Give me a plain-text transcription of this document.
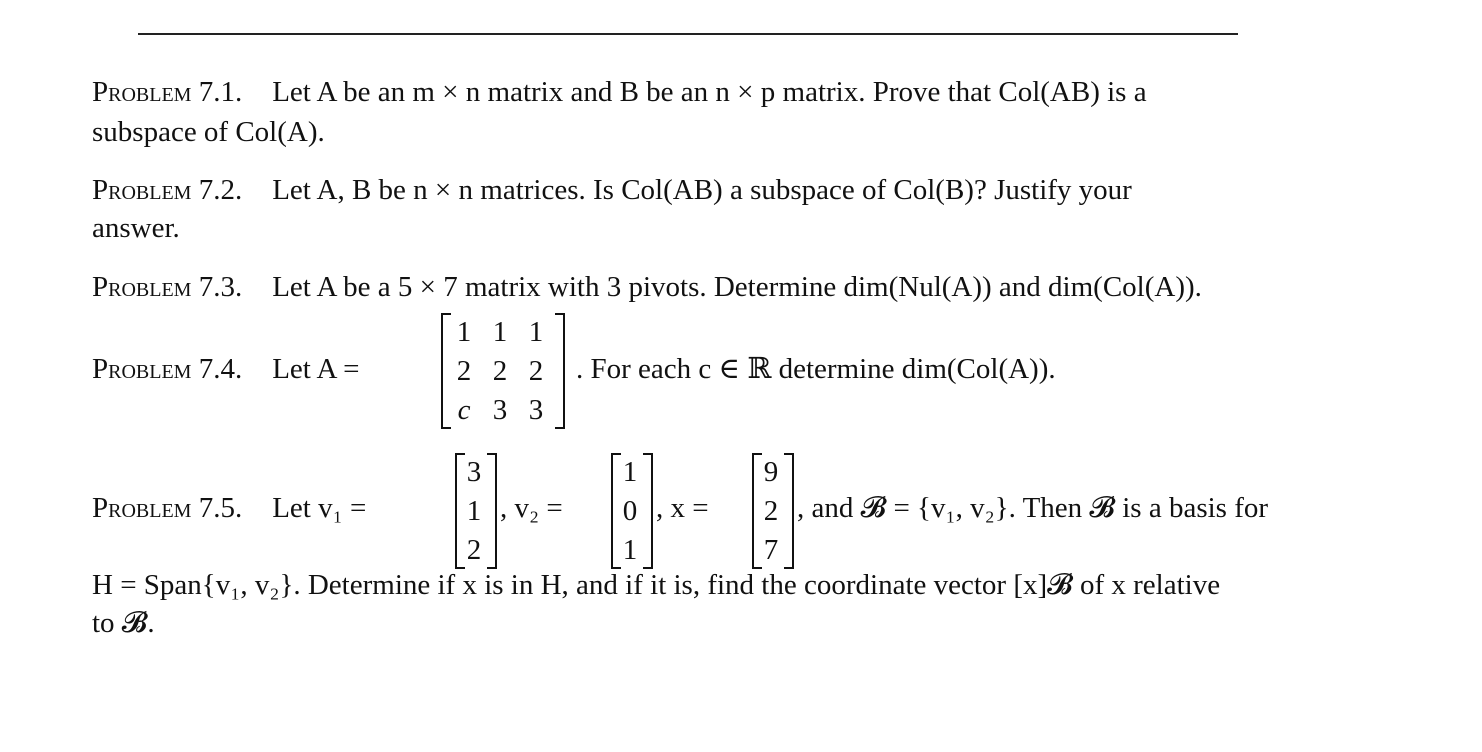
Problem 7.1. Let A be an m × n matrix and B be an n × p matrix. Prove that Col(AB) is a
subspace of Col(A).
Problem 7.2. Let A, B be n × n matrices. Is Col(AB) a subspace of Col(B)? Justify your
answer.
Problem 7.3. Let A be a 5 × 7 matrix with 3 pivots. Determine dim(Nul(A)) and dim(Col(A)).
Problem 7.4. Let A =
1 1 1
2 2 2
c 3 3
. For each c ∈ ℝ determine dim(Col(A)).
Problem 7.5. Let v₁ =
3
1
2
, v₂ =
1
0
1
, x =
9
2
7
, and 𝓑 = {v₁, v₂}. Then 𝓑 is a basis for
H = Span{v₁, v₂}. Determine if x is in H, and if it is, find the coordinate vector [x]𝓑 of x relative
to 𝓑.
